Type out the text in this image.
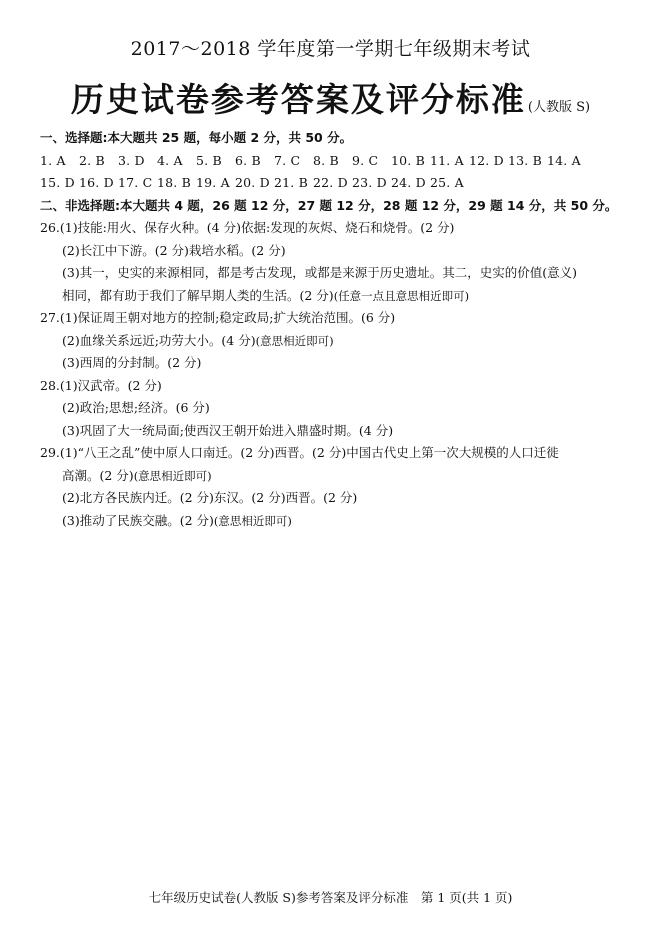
2017～2018 学年度第一学期七年级期末考试
历史试卷参考答案及评分标准 (人教版 S)
一、选择题:本大题共 25 题，每小题 2 分，共 50 分。
1. A 2. B 3. D 4. A 5. B 6. B 7. C 8. B 9. C 10. B 11. A 12. D 13. B 14. A
15. D 16. D 17. C 18. B 19. A 20. D 21. B 22. D 23. D 24. D 25. A
二、非选择题:本大题共 4 题，26 题 12 分，27 题 12 分，28 题 12 分，29 题 14 分，共 50 分。
26.(1)技能:用火、保存火种。(4 分)依据:发现的灰烬、烧石和烧骨。(2 分)
(2)长江中下游。(2 分)栽培水稻。(2 分)
(3)其一，史实的来源相同，都是考古发现，或都是来源于历史遗址。其二，史实的价值(意义)
相同，都有助于我们了解早期人类的生活。(2 分)(任意一点且意思相近即可)
27.(1)保证周王朝对地方的控制;稳定政局;扩大统治范围。(6 分)
(2)血缘关系远近;功劳大小。(4 分)(意思相近即可)
(3)西周的分封制。(2 分)
28.(1)汉武帝。(2 分)
(2)政治;思想;经济。(6 分)
(3)巩固了大一统局面;使西汉王朝开始进入鼎盛时期。(4 分)
29.(1)“八王之乱”使中原人口南迁。(2 分)西晋。(2 分)中国古代史上第一次大规模的人口迁徙
高潮。(2 分)(意思相近即可)
(2)北方各民族内迁。(2 分)东汉。(2 分)西晋。(2 分)
(3)推动了民族交融。(2 分)(意思相近即可)
七年级历史试卷(人教版 S)参考答案及评分标准　第 1 页(共 1 页)
